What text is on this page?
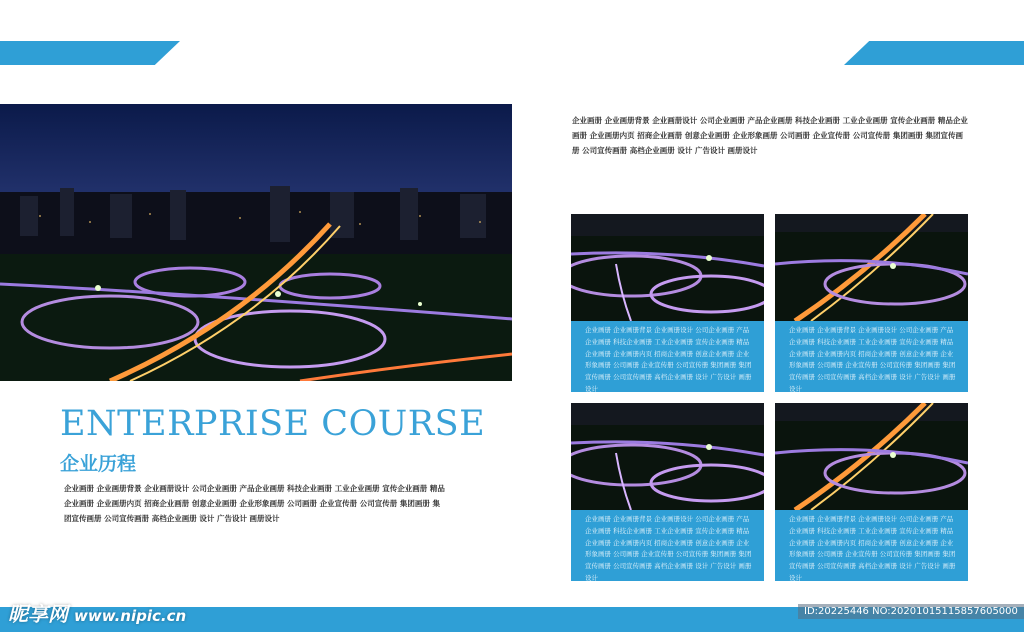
ENTERPRISE COURSE
企业历程
企业画册 企业画册背景 企业画册设计 公司企业画册 产品企业画册 科技企业画册 工业企业画册 宣传企业画册 精品企业画册 企业画册内页 招商企业画册 创意企业画册 企业形象画册 公司画册 企业宣传册 公司宣传册 集团画册 集团宣传画册 公司宣传画册 高档企业画册 设计 广告设计 画册设计
企业画册 企业画册背景 企业画册设计 公司企业画册 产品企业画册 科技企业画册 工业企业画册 宣传企业画册 精品企业画册 企业画册内页 招商企业画册 创意企业画册 企业形象画册 公司画册 企业宣传册 公司宣传册 集团画册 集团宣传画册 公司宣传画册 高档企业画册 设计 广告设计 画册设计
企业画册 企业画册背景 企业画册设计 公司企业画册 产品企业画册 科技企业画册 工业企业画册 宣传企业画册 精品企业画册 企业画册内页 招商企业画册 创意企业画册 企业形象画册 公司画册 企业宣传册 公司宣传册 集团画册 集团宣传画册 公司宣传画册 高档企业画册 设计 广告设计 画册设计
企业画册 企业画册背景 企业画册设计 公司企业画册 产品企业画册 科技企业画册 工业企业画册 宣传企业画册 精品企业画册 企业画册内页 招商企业画册 创意企业画册 企业形象画册 公司画册 企业宣传册 公司宣传册 集团画册 集团宣传画册 公司宣传画册 高档企业画册 设计 广告设计 画册设计
企业画册 企业画册背景 企业画册设计 公司企业画册 产品企业画册 科技企业画册 工业企业画册 宣传企业画册 精品企业画册 企业画册内页 招商企业画册 创意企业画册 企业形象画册 公司画册 企业宣传册 公司宣传册 集团画册 集团宣传画册 公司宣传画册 高档企业画册 设计 广告设计 画册设计
企业画册 企业画册背景 企业画册设计 公司企业画册 产品企业画册 科技企业画册 工业企业画册 宣传企业画册 精品企业画册 企业画册内页 招商企业画册 创意企业画册 企业形象画册 公司画册 企业宣传册 公司宣传册 集团画册 集团宣传画册 公司宣传画册 高档企业画册 设计 广告设计 画册设计
昵享网 www.nipic.cn	ID:20225446 NO:20201015115857605000
